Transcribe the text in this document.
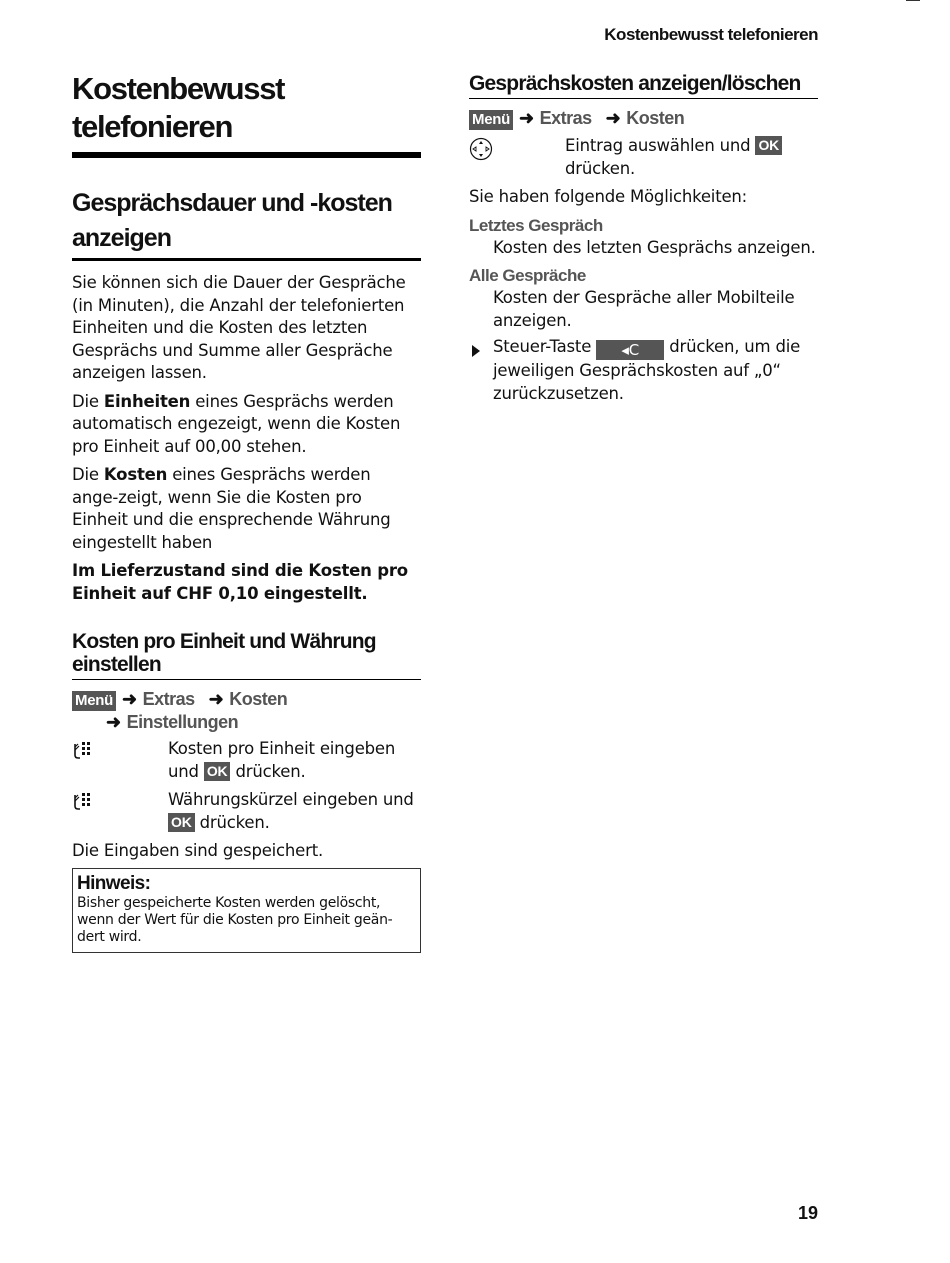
Kostenbewusst telefonieren
Kostenbewusst telefonieren
Gesprächsdauer und -kosten
anzeigen

Sie können sich die Dauer der Gespräche (in Minuten), die Anzahl der telefonierten Einheiten und die Kosten des letzten Gesprächs und Summe aller Gespräche anzeigen lassen.

Die Einheiten eines Gesprächs werden automatisch engezeigt, wenn die Kosten pro Einheit auf 00,00 stehen.

Die Kosten eines Gesprächs werden ange-zeigt, wenn Sie die Kosten pro Einheit und die ensprechende Währung eingestellt haben

Im Lieferzustand sind die Kosten pro Einheit auf CHF 0,10 eingestellt.

Kosten pro Einheit und Währung
einstellen
Menü ➜ Extras ➜ Kosten
➜ Einstellungen
Kosten pro Einheit eingeben und OK drücken.
Währungskürzel eingeben und OK drücken.

Die Eingaben sind gespeichert.

Hinweis:
Bisher gespeicherte Kosten werden gelöscht, wenn der Wert für die Kosten pro Einheit geän-dert wird.
Gesprächskosten anzeigen/löschen
Menü ➜ Extras ➜ Kosten
Eintrag auswählen und OK drücken.

Sie haben folgende Möglichkeiten:

Letztes Gespräch
Kosten des letzten Gesprächs anzeigen.
Alle Gespräche
Kosten der Gespräche aller Mobilteile anzeigen.
Steuer-Taste ◂C drücken, um die jeweiligen Gesprächskosten auf „0“ zurückzusetzen.
19
